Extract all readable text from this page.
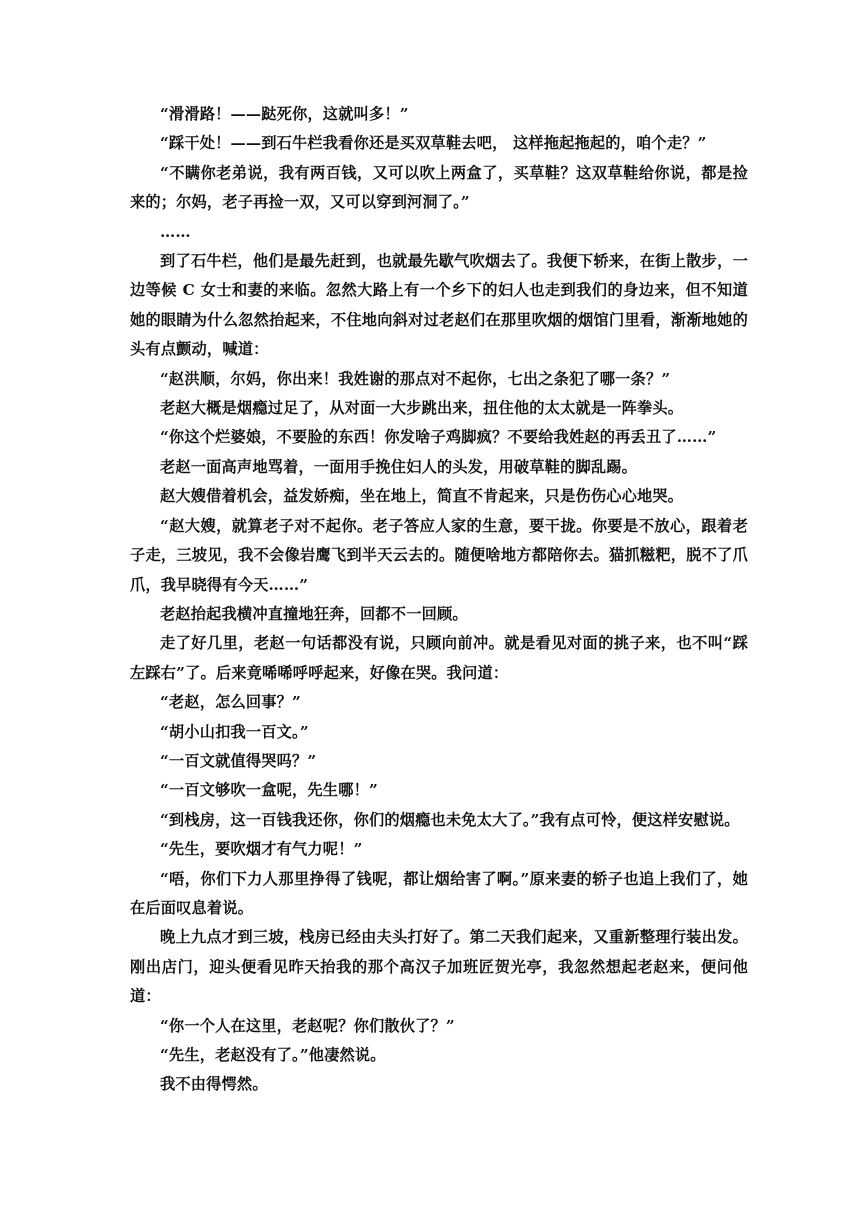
“滑滑路！——跶死你，这就叫多！”

“踩干处！——到石牛栏我看你还是买双草鞋去吧， 这样拖起拖起的，咱个走？”

“不瞒你老弟说，我有两百钱，又可以吹上两盒了，买草鞋？这双草鞋给你说，都是捡来的；尔妈，老子再捡一双，又可以穿到河洞了。”

……

到了石牛栏，他们是最先赶到，也就最先歇气吹烟去了。我便下轿来，在街上散步，一边等候 C 女士和妻的来临。忽然大路上有一个乡下的妇人也走到我们的身边来，但不知道她的眼睛为什么忽然抬起来，不住地向斜对过老赵们在那里吹烟的烟馆门里看，渐渐地她的头有点颤动，喊道：

“赵洪顺，尔妈，你出来！我姓谢的那点对不起你，七出之条犯了哪一条？”

老赵大概是烟瘾过足了，从对面一大步跳出来，扭住他的太太就是一阵拳头。

“你这个烂婆娘，不要脸的东西！你发啥子鸡脚疯？不要给我姓赵的再丢丑了……”

老赵一面高声地骂着，一面用手挽住妇人的头发，用破草鞋的脚乱踢。

赵大嫂借着机会，益发娇痴，坐在地上，简直不肯起来，只是伤伤心心地哭。

“赵大嫂，就算老子对不起你。老子答应人家的生意，要干拢。你要是不放心，跟着老子走，三坡见，我不会像岩鹰飞到半天云去的。随便啥地方都陪你去。猫抓糍粑，脱不了爪爪，我早晓得有今天……”

老赵抬起我横冲直撞地狂奔，回都不一回顾。

走了好几里，老赵一句话都没有说，只顾向前冲。就是看见对面的挑子来，也不叫“踩左踩右”了。后来竟唏唏呼呼起来，好像在哭。我问道：

“老赵，怎么回事？”

“胡小山扣我一百文。”

“一百文就值得哭吗？”

“一百文够吹一盒呢，先生哪！”

“到栈房，这一百钱我还你，你们的烟瘾也未免太大了。”我有点可怜，便这样安慰说。

“先生，要吹烟才有气力呢！”

“唔，你们下力人那里挣得了钱呢，都让烟给害了啊。”原来妻的轿子也追上我们了，她在后面叹息着说。

晚上九点才到三坡，栈房已经由夫头打好了。第二天我们起来，又重新整理行装出发。刚出店门，迎头便看见昨天抬我的那个高汉子加班匠贺光亭，我忽然想起老赵来，便问他道：

“你一个人在这里，老赵呢？你们散伙了？”

“先生，老赵没有了。”他凄然说。

我不由得愕然。
